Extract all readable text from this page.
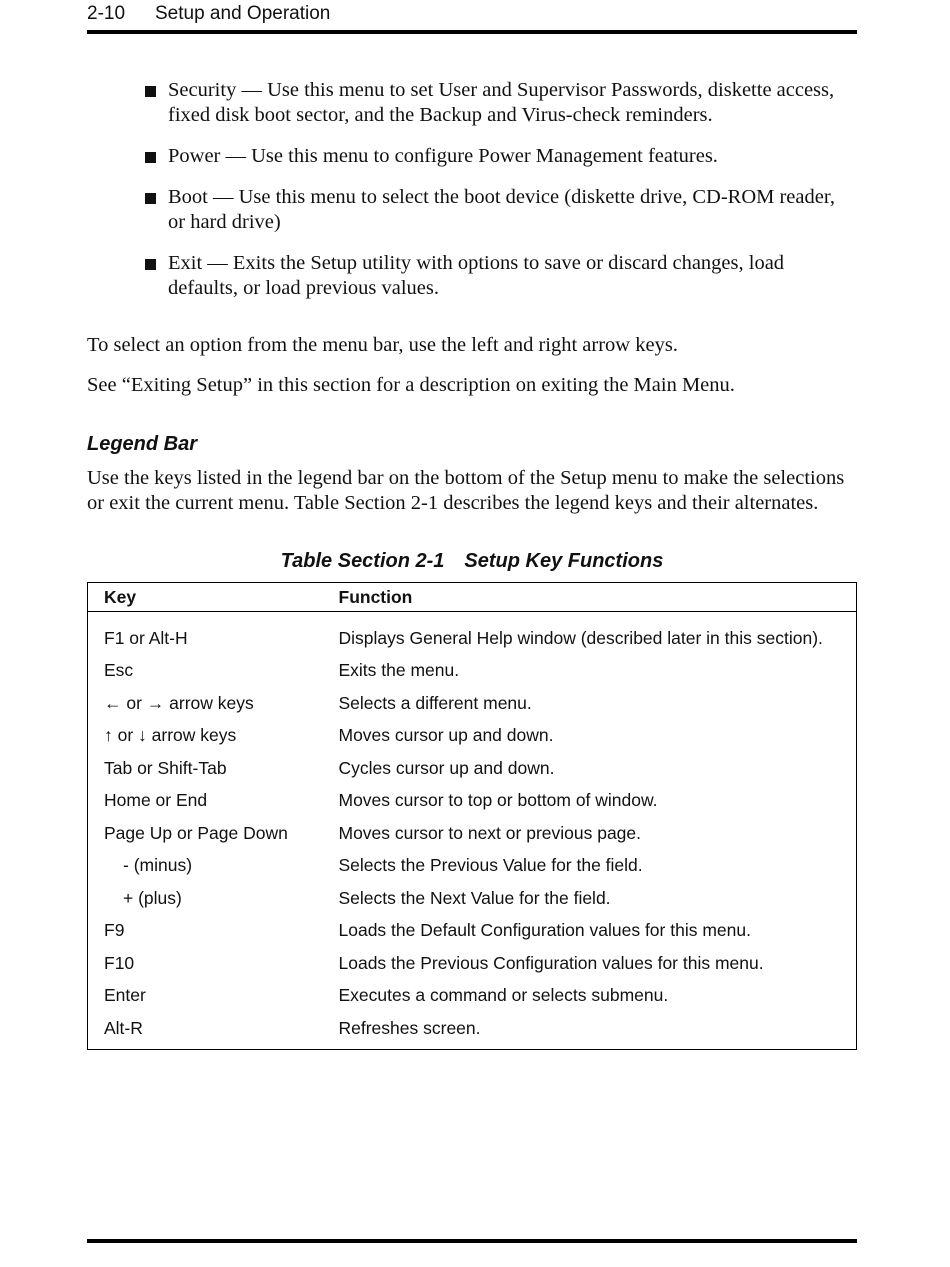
2-10 Setup and Operation
Security — Use this menu to set User and Supervisor Passwords, diskette access, fixed disk boot sector, and the Backup and Virus-check reminders.
Power — Use this menu to configure Power Management features.
Boot — Use this menu to select the boot device (diskette drive, CD-ROM reader, or hard drive)
Exit — Exits the Setup utility with options to save or discard changes, load defaults, or load previous values.

To select an option from the menu bar, use the left and right arrow keys.

See “Exiting Setup” in this section for a description on exiting the Main Menu.

Legend Bar

Use the keys listed in the legend bar on the bottom of the Setup menu to make the selections or exit the current menu. Table Section 2-1 describes the legend keys and their alternates.

Table Section 2-1 Setup Key Functions
Key	Function
F1 or Alt-H	Displays General Help window (described later in this section).
Esc	Exits the menu.
← or → arrow keys	Selects a different menu.
↑ or ↓ arrow keys	Moves cursor up and down.
Tab or Shift-Tab	Cycles cursor up and down.
Home or End	Moves cursor to top or bottom of window.
Page Up or Page Down	Moves cursor to next or previous page.
- (minus)	Selects the Previous Value for the field.
+ (plus)	Selects the Next Value for the field.
F9	Loads the Default Configuration values for this menu.
F10	Loads the Previous Configuration values for this menu.
Enter	Executes a command or selects submenu.
Alt-R	Refreshes screen.
